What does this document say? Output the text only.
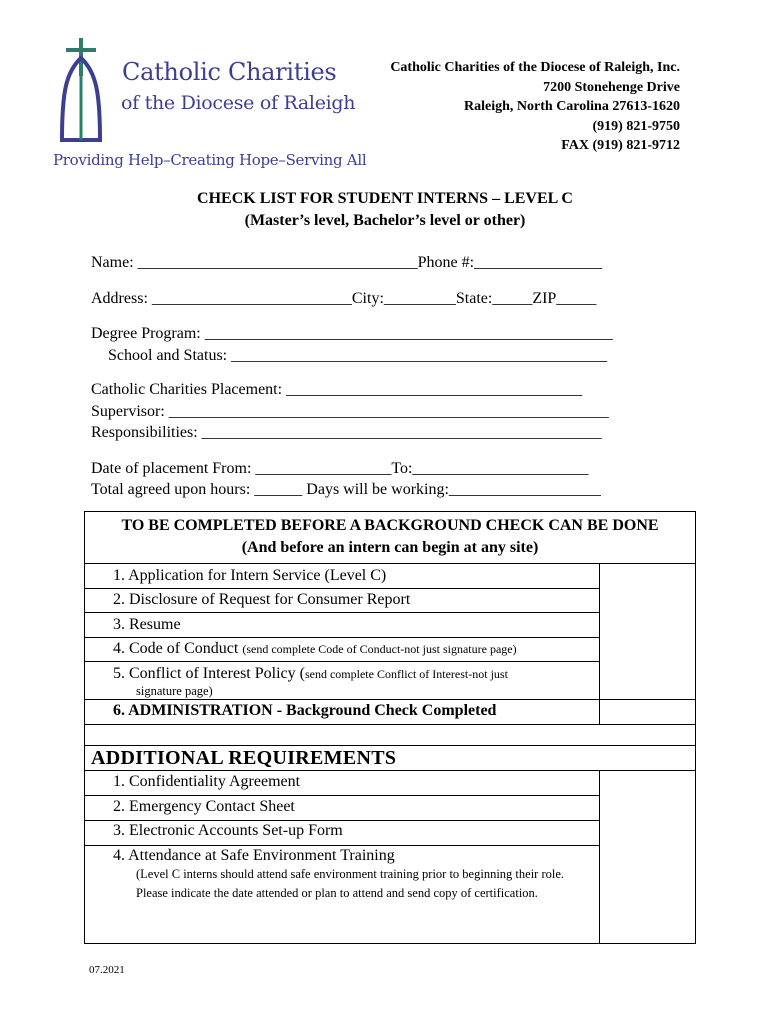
Catholic Charities
of the Diocese of Raleigh
Providing Help–Creating Hope–Serving All
Catholic Charities of the Diocese of Raleigh, Inc.
7200 Stonehenge Drive
Raleigh, North Carolina 27613-1620
(919) 821-9750
FAX (919) 821-9712
CHECK LIST FOR STUDENT INTERNS – LEVEL C
(Master’s level, Bachelor’s level or other)
Name: ___________________________________Phone #:________________
Address: _________________________City:_________State:_____ZIP_____
Degree Program: ___________________________________________________
School and Status: _______________________________________________
Catholic Charities Placement: _____________________________________
Supervisor: _______________________________________________________
Responsibilities: __________________________________________________
Date of placement From: _________________To:______________________
Total agreed upon hours: ______ Days will be working:___________________
TO BE COMPLETED BEFORE A BACKGROUND CHECK CAN BE DONE
(And before an intern can begin at any site)
1. Application for Intern Service (Level C)
2. Disclosure of Request for Consumer Report
3. Resume
4. Code of Conduct (send complete Code of Conduct-not just signature page)
5. Conflict of Interest Policy (send complete Conflict of Interest-not just
signature page)
6. ADMINISTRATION - Background Check Completed
ADDITIONAL REQUIREMENTS
1. Confidentiality Agreement
2. Emergency Contact Sheet
3. Electronic Accounts Set-up Form
4. Attendance at Safe Environment Training
(Level C interns should attend safe environment training prior to beginning their role. Please indicate the date attended or plan to attend and send copy of certification.
07.2021
